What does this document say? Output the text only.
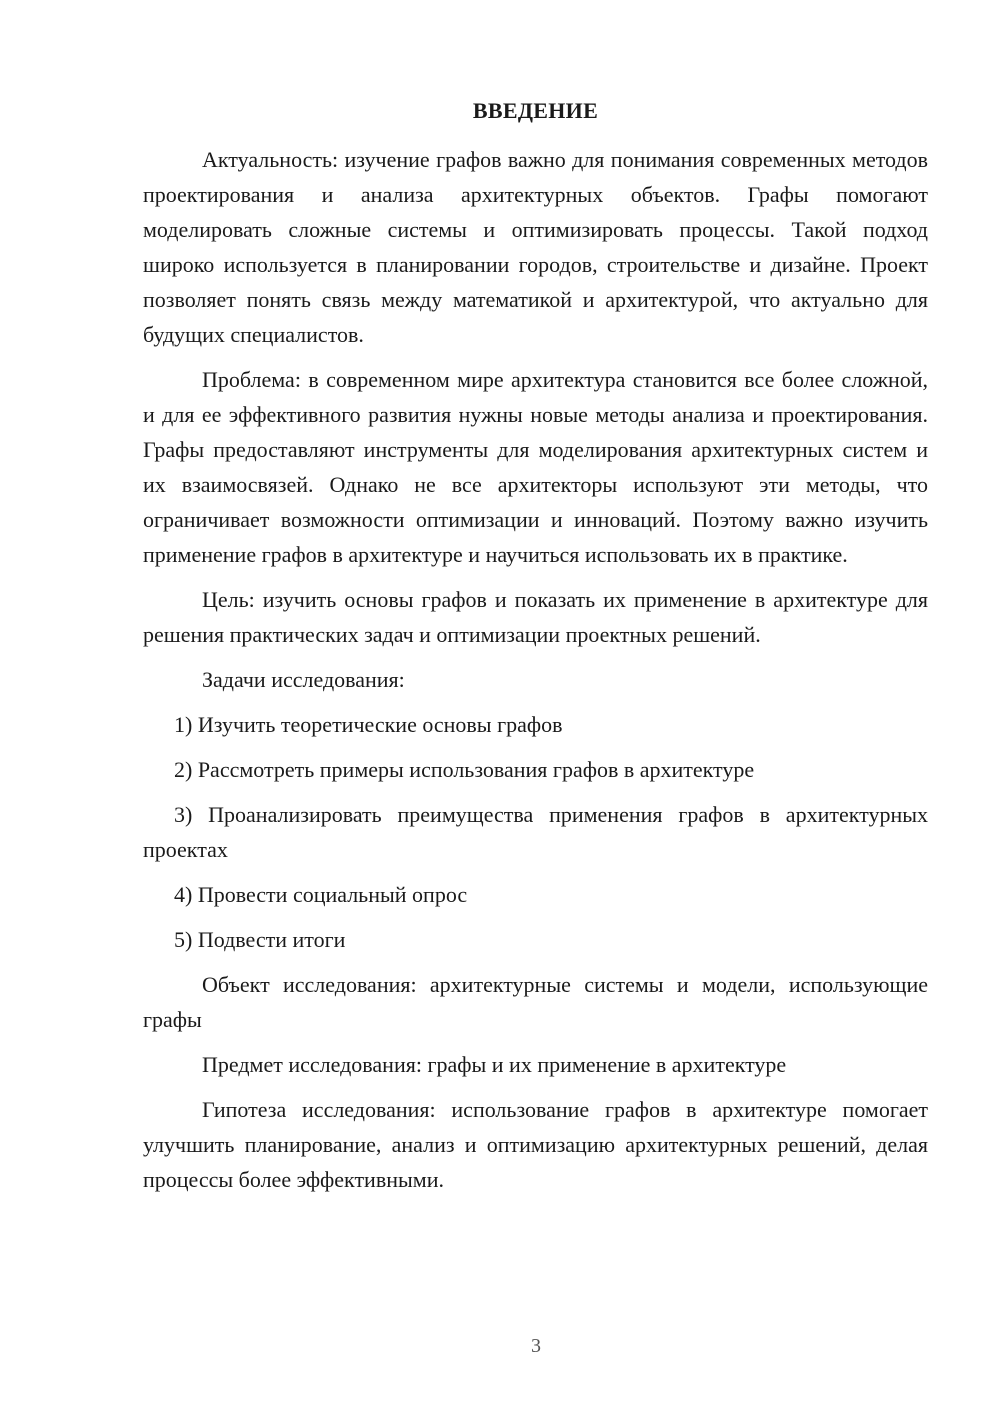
ВВЕДЕНИЕ

Актуальность: изучение графов важно для понимания современных методов проектирования и анализа архитектурных объектов. Графы помогают моделировать сложные системы и оптимизировать процессы. Такой подход широко используется в планировании городов, строительстве и дизайне. Проект позволяет понять связь между математикой и архитектурой, что актуально для будущих специалистов.

Проблема: в современном мире архитектура становится все более сложной, и для ее эффективного развития нужны новые методы анализа и проектирования. Графы предоставляют инструменты для моделирования архитектурных систем и их взаимосвязей. Однако не все архитекторы используют эти методы, что ограничивает возможности оптимизации и инноваций. Поэтому важно изучить применение графов в архитектуре и научиться использовать их в практике.

Цель: изучить основы графов и показать их применение в архитектуре для решения практических задач и оптимизации проектных решений.

Задачи исследования:

1) Изучить теоретические основы графов

2) Рассмотреть примеры использования графов в архитектуре

3) Проанализировать преимущества применения графов в архитектурных проектах

4) Провести социальный опрос

5) Подвести итоги

Объект исследования: архитектурные системы и модели, использующие графы

Предмет исследования: графы и их применение в архитектуре

Гипотеза исследования: использование графов в архитектуре помогает улучшить планирование, анализ и оптимизацию архитектурных решений, делая процессы более эффективными.

3
